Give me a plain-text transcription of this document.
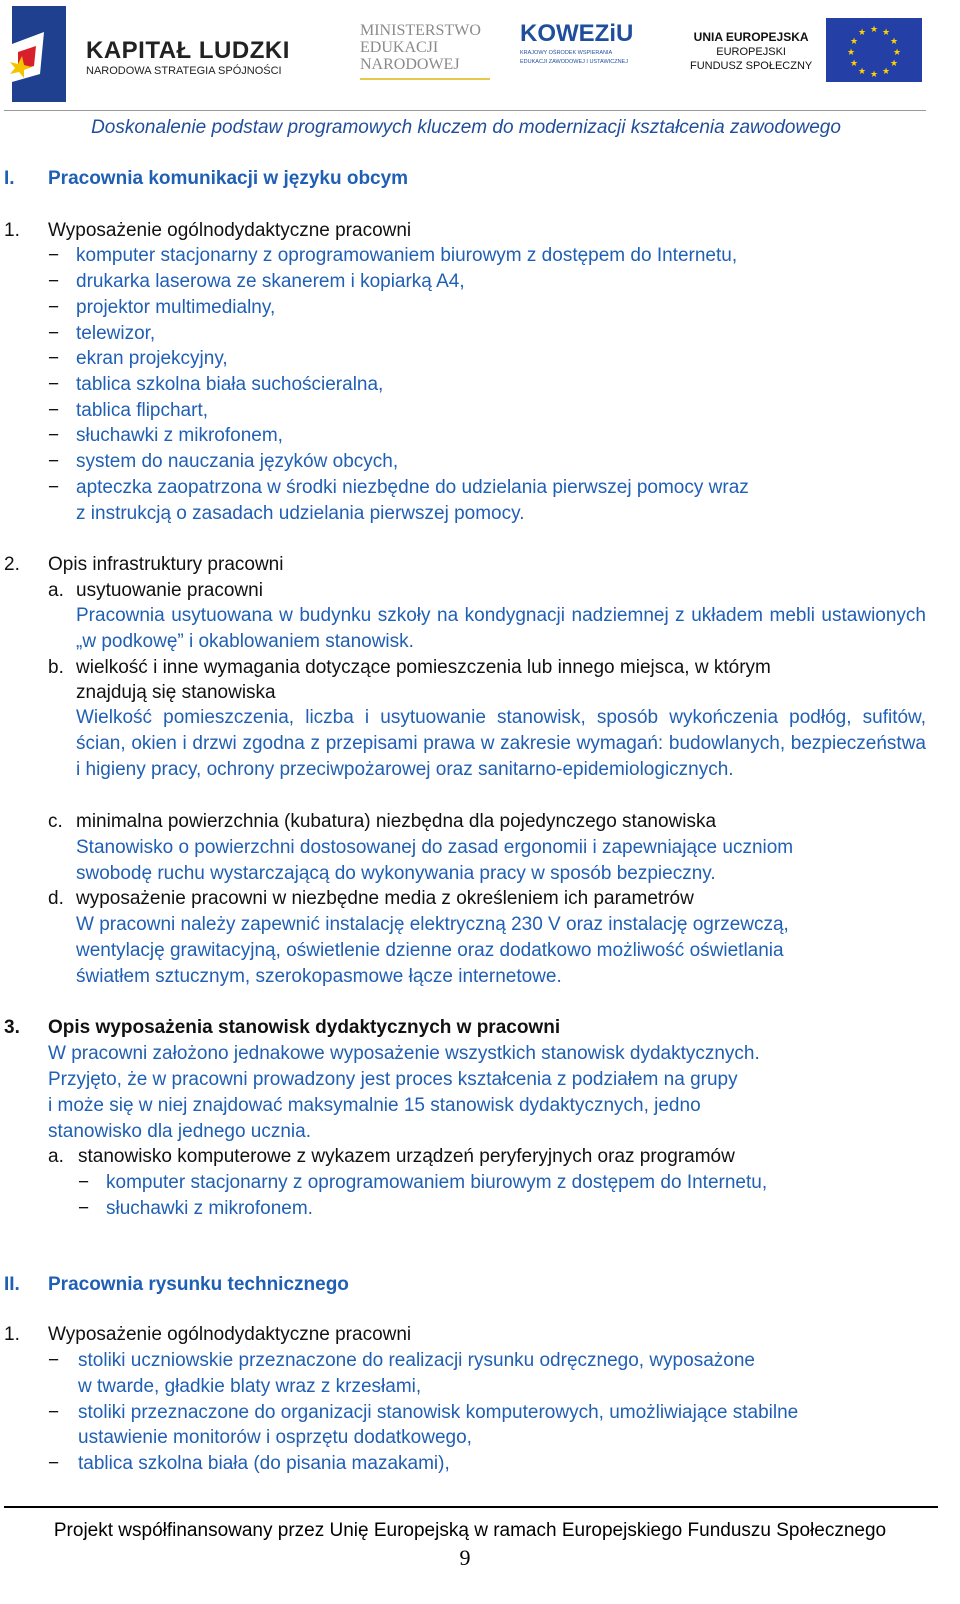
KAPITAŁ LUDZKI
NARODOWA STRATEGIA SPÓJNOŚCI
MINISTERSTWO
EDUKACJI
NARODOWEJ
KOWEZiU
KRAJOWY OŚRODEK WSPIERANIA
EDUKACJI ZAWODOWEJ I USTAWICZNEJ
UNIA EUROPEJSKA
EUROPEJSKI
FUNDUSZ SPOŁECZNY
★ ★
★
★
★
★
★
★
★
★
★
★
Doskonalenie podstaw programowych kluczem do modernizacji kształcenia zawodowego
I. Pracownia komunikacji w języku obcym
1. Wyposażenie ogólnodydaktyczne pracowni
− komputer stacjonarny z oprogramowaniem biurowym z dostępem do Internetu,
− drukarka laserowa ze skanerem i kopiarką A4,
− projektor multimedialny,
− telewizor,
− ekran projekcyjny,
− tablica szkolna biała suchościeralna,
− tablica flipchart,
− słuchawki z mikrofonem,
− system do nauczania języków obcych,
− apteczka zaopatrzona w środki niezbędne do udzielania pierwszej pomocy wraz
z instrukcją o zasadach udzielania pierwszej pomocy.
2. Opis infrastruktury pracowni
a. usytuowanie pracowni
Pracownia usytuowana w budynku szkoły na kondygnacji nadziemnej z układem mebli ustawionych „w podkowę” i okablowaniem stanowisk.
b. wielkość i inne wymagania dotyczące pomieszczenia lub innego miejsca, w którym
znajdują się stanowiska
Wielkość pomieszczenia, liczba i usytuowanie stanowisk, sposób wykończenia podłóg, sufitów, ścian, okien i drzwi zgodna z przepisami prawa w zakresie wymagań: budowlanych, bezpieczeństwa i higieny pracy, ochrony przeciwpożarowej oraz sanitarno-epidemiologicznych.
c. minimalna powierzchnia (kubatura) niezbędna dla pojedynczego stanowiska
Stanowisko o powierzchni dostosowanej do zasad ergonomii i zapewniające uczniom
swobodę ruchu wystarczającą do wykonywania pracy w sposób bezpieczny.
d. wyposażenie pracowni w niezbędne media z określeniem ich parametrów
W pracowni należy zapewnić instalację elektryczną 230 V oraz instalację ogrzewczą,
wentylację grawitacyjną, oświetlenie dzienne oraz dodatkowo możliwość oświetlania
światłem sztucznym, szerokopasmowe łącze internetowe.
3. Opis wyposażenia stanowisk dydaktycznych w pracowni
W pracowni założono jednakowe wyposażenie wszystkich stanowisk dydaktycznych.
Przyjęto, że w pracowni prowadzony jest proces kształcenia z podziałem na grupy
i może się w niej znajdować maksymalnie 15 stanowisk dydaktycznych, jedno
stanowisko dla jednego ucznia.
a. stanowisko komputerowe z wykazem urządzeń peryferyjnych oraz programów
− komputer stacjonarny z oprogramowaniem biurowym z dostępem do Internetu,
− słuchawki z mikrofonem.
II. Pracownia rysunku technicznego
1. Wyposażenie ogólnodydaktyczne pracowni
− stoliki uczniowskie przeznaczone do realizacji rysunku odręcznego, wyposażone
w twarde, gładkie blaty wraz z krzesłami,
− stoliki przeznaczone do organizacji stanowisk komputerowych, umożliwiające stabilne
ustawienie monitorów i osprzętu dodatkowego,
− tablica szkolna biała (do pisania mazakami),
Projekt współfinansowany przez Unię Europejską w ramach Europejskiego Funduszu Społecznego
9
